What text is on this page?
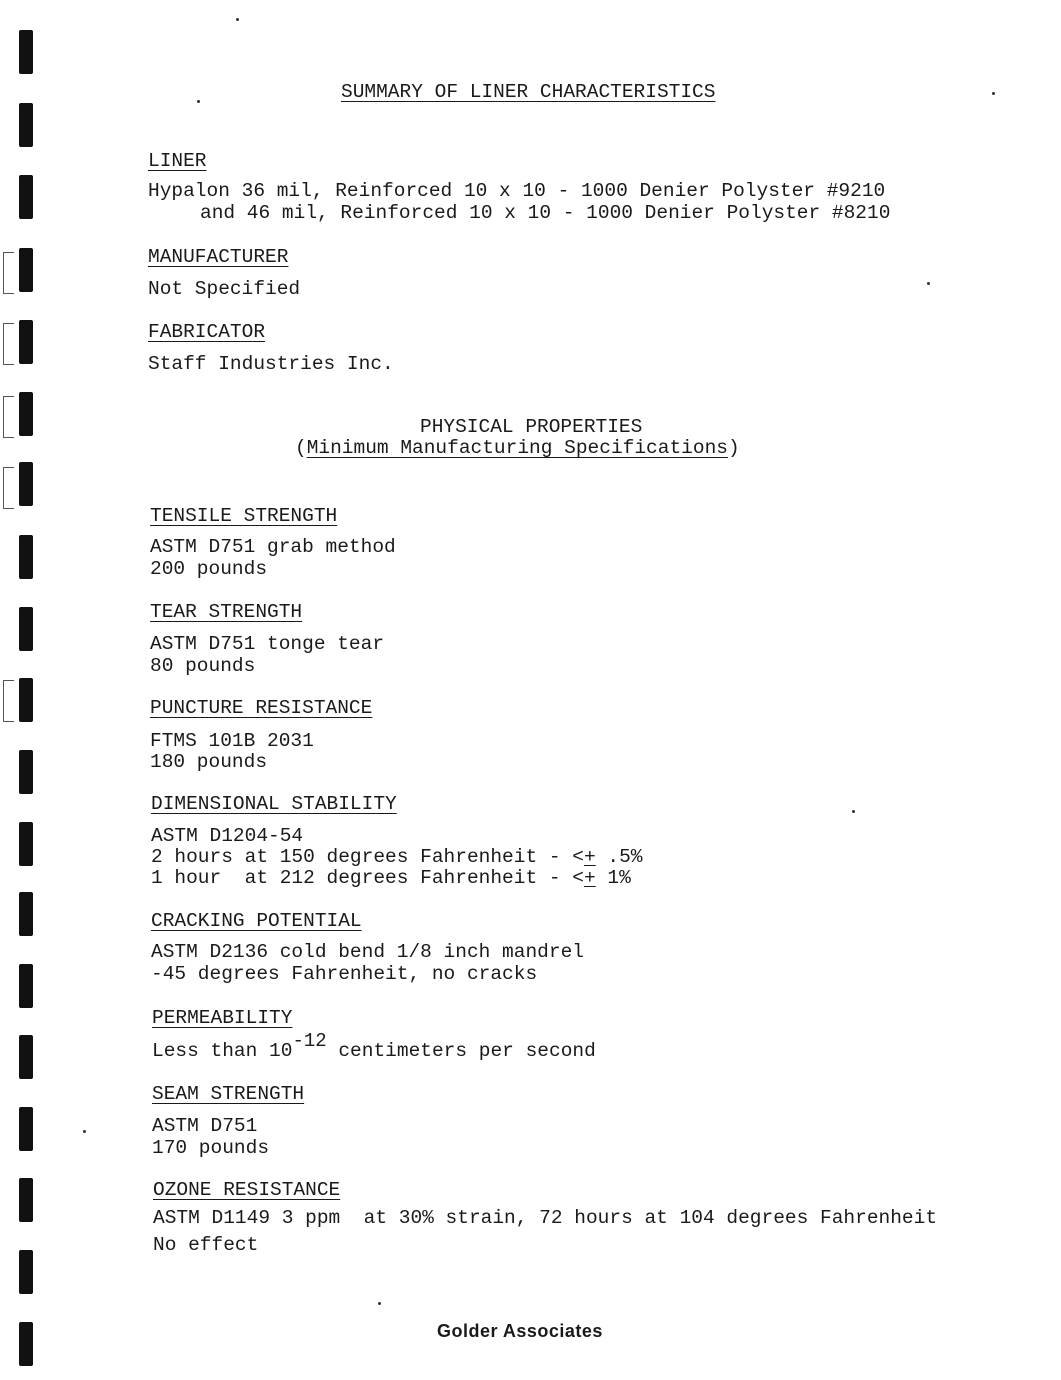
SUMMARY OF LINER CHARACTERISTICS
LINER
Hypalon 36 mil, Reinforced 10 x 10 - 1000 Denier Polyster #9210
and 46 mil, Reinforced 10 x 10 - 1000 Denier Polyster #8210
MANUFACTURER
Not Specified
FABRICATOR
Staff Industries Inc.
PHYSICAL PROPERTIES
(Minimum Manufacturing Specifications)
TENSILE STRENGTH
ASTM D751 grab method
200 pounds
TEAR STRENGTH
ASTM D751 tonge tear
80 pounds
PUNCTURE RESISTANCE
FTMS 101B 2031
180 pounds
DIMENSIONAL STABILITY
ASTM D1204-54
2 hours at 150 degrees Fahrenheit - <+ .5%
1 hour  at 212 degrees Fahrenheit - <+ 1%
CRACKING POTENTIAL
ASTM D2136 cold bend 1/8 inch mandrel
-45 degrees Fahrenheit, no cracks
PERMEABILITY
Less than 10-12 centimeters per second
SEAM STRENGTH
ASTM D751
170 pounds
OZONE RESISTANCE
ASTM D1149 3 ppm  at 30% strain, 72 hours at 104 degrees Fahrenheit
No effect
Golder Associates
